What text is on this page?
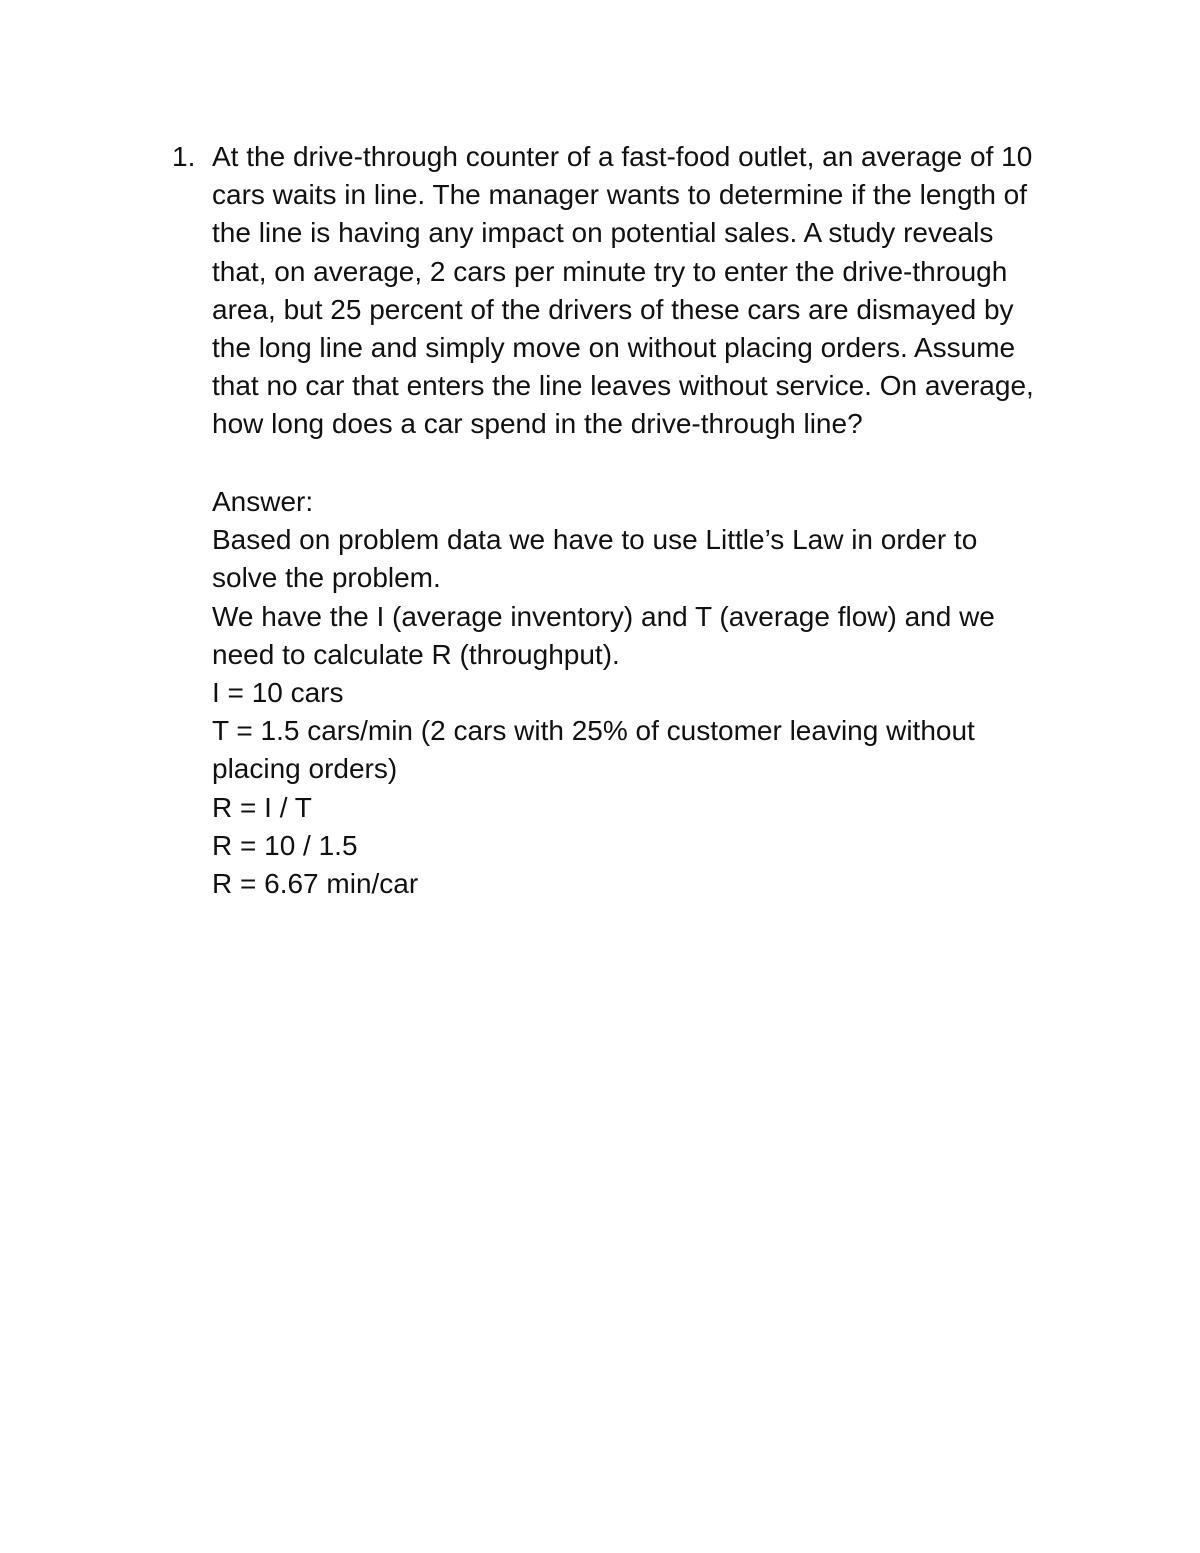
1. At the drive-through counter of a fast-food outlet, an average of 10
cars waits in line. The manager wants to determine if the length of
the line is having any impact on potential sales. A study reveals
that, on average, 2 cars per minute try to enter the drive-through
area, but 25 percent of the drivers of these cars are dismayed by
the long line and simply move on without placing orders. Assume
that no car that enters the line leaves without service. On average,
how long does a car spend in the drive-through line?
Answer:
Based on problem data we have to use Little’s Law in order to
solve the problem.
We have the I (average inventory) and T (average flow) and we
need to calculate R (throughput).
I = 10 cars
T = 1.5 cars/min (2 cars with 25% of customer leaving without
placing orders)
R = I / T
R = 10 / 1.5
R = 6.67 min/car
